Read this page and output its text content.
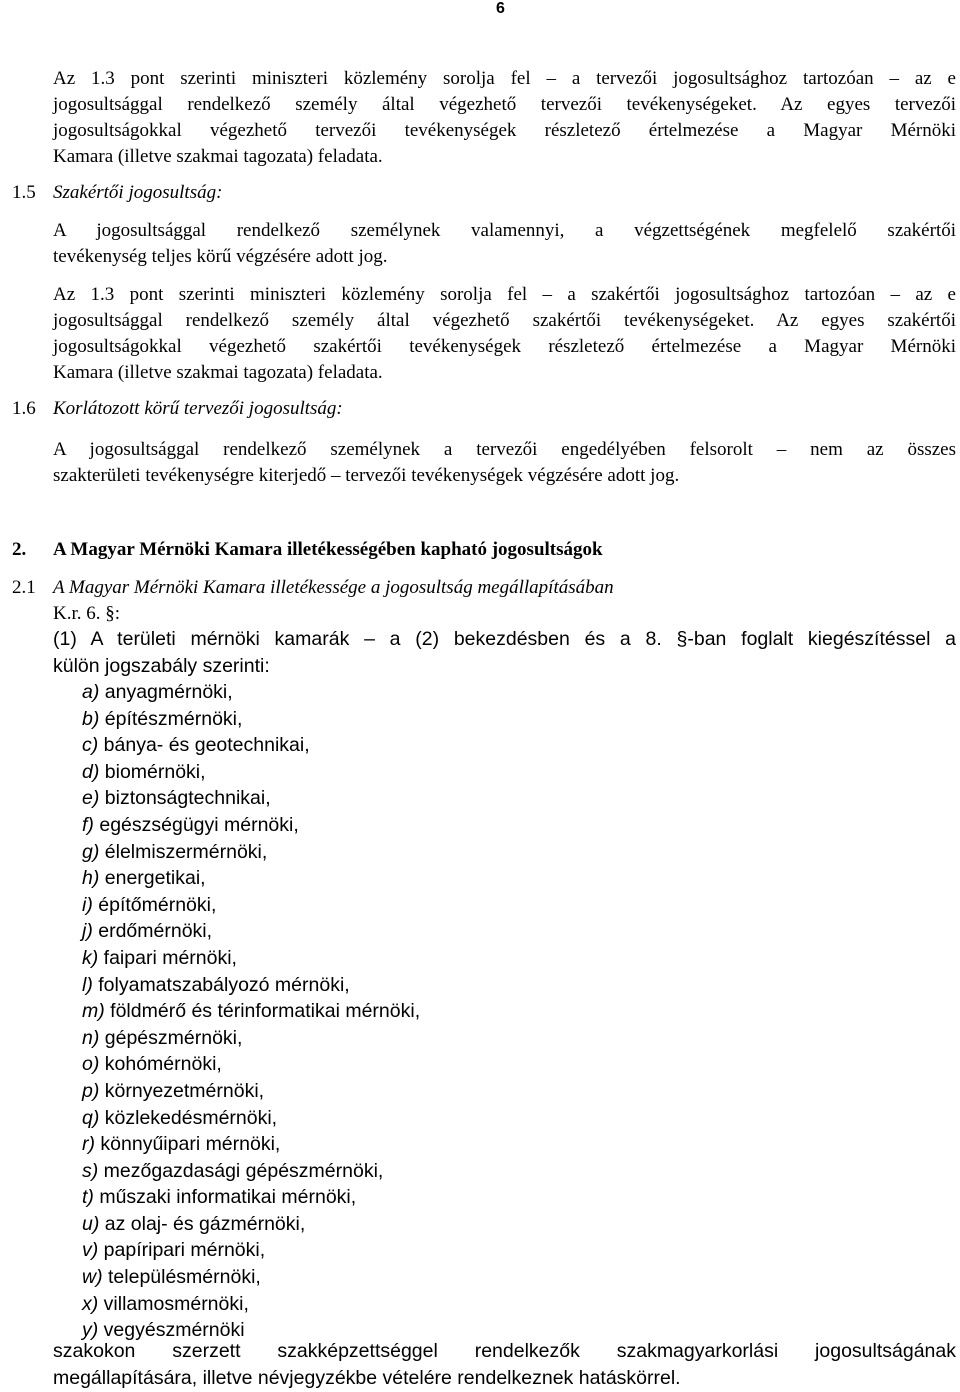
6
Az 1.3 pont szerinti miniszteri közlemény sorolja fel – a tervezői jogosultsághoz tartozóan – az e
jogosultsággal rendelkező személy által végezhető tervezői tevékenységeket. Az egyes tervezői
jogosultságokkal végezhető tervezői tevékenységek részletező értelmezése a Magyar Mérnöki
Kamara (illetve szakmai tagozata) feladata.
1.5 Szakértői jogosultság:
A jogosultsággal rendelkező személynek valamennyi, a végzettségének megfelelő szakértői
tevékenység teljes körű végzésére adott jog.
Az 1.3 pont szerinti miniszteri közlemény sorolja fel – a szakértői jogosultsághoz tartozóan – az e
jogosultsággal rendelkező személy által végezhető szakértői tevékenységeket. Az egyes szakértői
jogosultságokkal végezhető szakértői tevékenységek részletező értelmezése a Magyar Mérnöki
Kamara (illetve szakmai tagozata) feladata.
1.6 Korlátozott körű tervezői jogosultság:
A jogosultsággal rendelkező személynek a tervezői engedélyében felsorolt – nem az összes
szakterületi tevékenységre kiterjedő – tervezői tevékenységek végzésére adott jog.
2. A Magyar Mérnöki Kamara illetékességében kapható jogosultságok
2.1 A Magyar Mérnöki Kamara illetékessége a jogosultság megállapításában
K.r. 6. §:
(1) A területi mérnöki kamarák – a (2) bekezdésben és a 8. §-ban foglalt kiegészítéssel a
külön jogszabály szerinti:
a) anyagmérnöki,
b) építészmérnöki,
c) bánya- és geotechnikai,
d) biomérnöki,
e) biztonságtechnikai,
f) egészségügyi mérnöki,
g) élelmiszermérnöki,
h) energetikai,
i) építőmérnöki,
j) erdőmérnöki,
k) faipari mérnöki,
l) folyamatszabályozó mérnöki,
m) földmérő és térinformatikai mérnöki,
n) gépészmérnöki,
o) kohómérnöki,
p) környezetmérnöki,
q) közlekedésmérnöki,
r) könnyűipari mérnöki,
s) mezőgazdasági gépészmérnöki,
t) műszaki informatikai mérnöki,
u) az olaj- és gázmérnöki,
v) papíripari mérnöki,
w) településmérnöki,
x) villamosmérnöki,
y) vegyészmérnöki
szakokon szerzett szakképzettséggel rendelkezők szakmagyarkorlási jogosultságának
megállapítására, illetve névjegyzékbe vételére rendelkeznek hatáskörrel.
